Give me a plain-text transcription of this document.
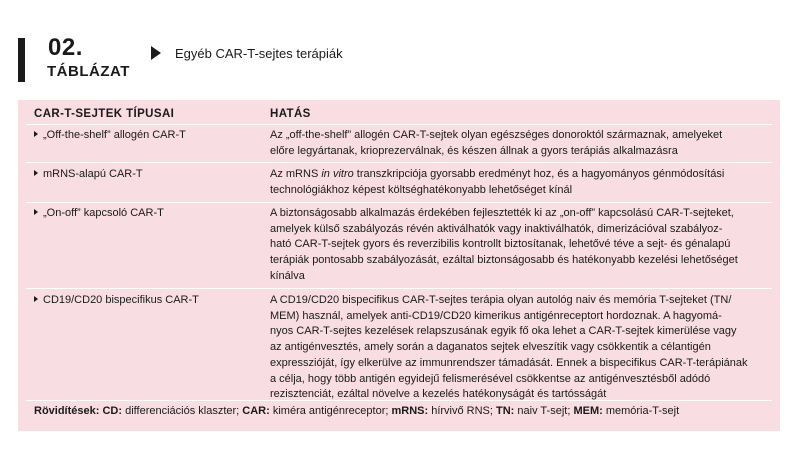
02.
TÁBLÁZAT
Egyéb CAR-T-sejtes terápiák
CAR-T-SEJTEK TÍPUSAI	HATÁS
„Off-the-shelf” allogén CAR-T	Az „off-the-shelf” allogén CAR-T-sejtek olyan egészséges donoroktól származnak, amelyeket
előre legyártanak, krioprezerválnak, és készen állnak a gyors terápiás alkalmazásra
mRNS-alapú CAR-T	Az mRNS in vitro transzkripciója gyorsabb eredményt hoz, és a hagyományos génmódosítási
technológiákhoz képest költséghatékonyabb lehetőséget kínál
„On-off” kapcsoló CAR-T	A biztonságosabb alkalmazás érdekében fejlesztették ki az „on-off” kapcsolású CAR-T-sejteket,
amelyek külső szabályozás révén aktiválhatók vagy inaktiválhatók, dimerizációval szabályoz-
ható CAR-T-sejtek gyors és reverzibilis kontrollt biztosítanak, lehetővé téve a sejt- és génalapú
terápiák pontosabb szabályozását, ezáltal biztonságosabb és hatékonyabb kezelési lehetőséget
kínálva
CD19/CD20 bispecifikus CAR-T	A CD19/CD20 bispecifikus CAR-T-sejtes terápia olyan autológ naiv és memória T-sejteket (TN/
MEM) használ, amelyek anti-CD19/CD20 kimerikus antigénreceptort hordoznak. A hagyomá-
nyos CAR-T-sejtes kezelések relapszusának egyik fő oka lehet a CAR-T-sejtek kimerülése vagy
az antigénvesztés, amely során a daganatos sejtek elveszítik vagy csökkentik a célantigén
expresszióját, így elkerülve az immunrendszer támadását. Ennek a bispecifikus CAR-T-terápiának
a célja, hogy több antigén egyidejű felismerésével csökkentse az antigénvesztésből adódó
rezisztenciát, ezáltal növelve a kezelés hatékonyságát és tartósságát
Rövidítések: CD: differenciációs klaszter; CAR: kiméra antigénreceptor; mRNS: hírvivő RNS; TN: naiv T-sejt; MEM: memória-T-sejt
